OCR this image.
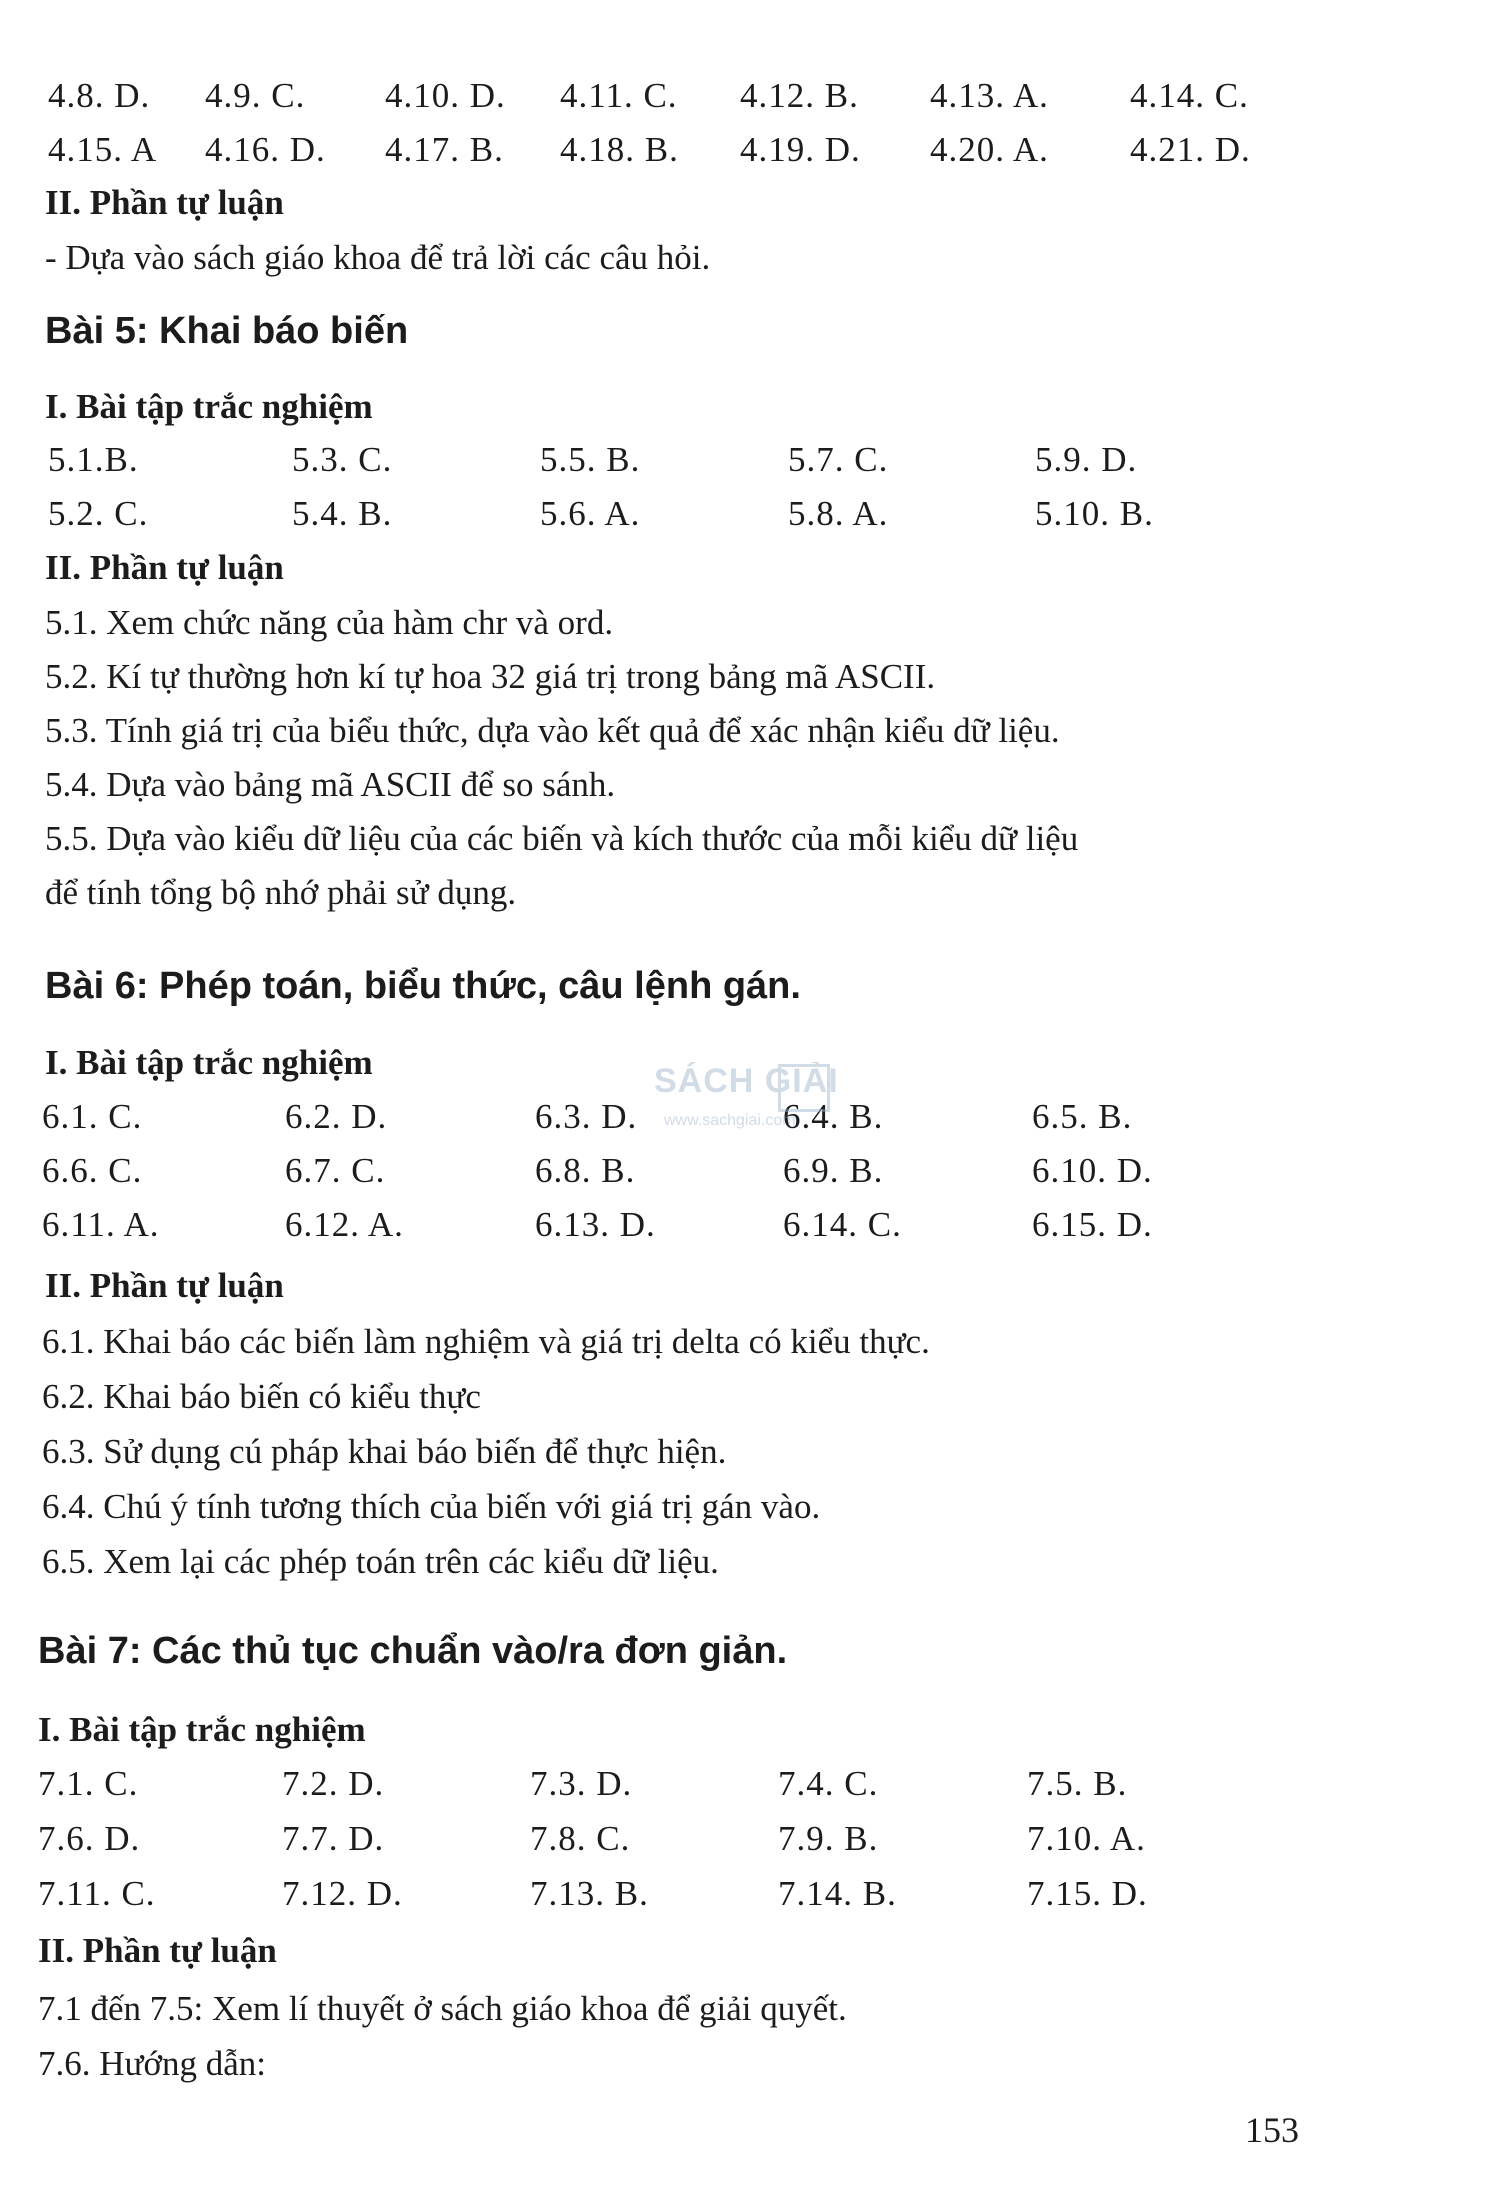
4.8. D. 4.9. C. 4.10. D. 4.11. C. 4.12. B. 4.13. A. 4.14. C.
4.15. A 4.16. D. 4.17. B. 4.18. B. 4.19. D. 4.20. A. 4.21. D.
II. Phần tự luận
- Dựa vào sách giáo khoa để trả lời các câu hỏi.
Bài 5: Khai báo biến
I. Bài tập trắc nghiệm
5.1.B.	5.3. C.	5.5. B.	5.7. C.	5.9. D.
5.2. C.	5.4. B.	5.6. A.	5.8. A.	5.10. B.
II. Phần tự luận
5.1. Xem chức năng của hàm chr và ord.
5.2. Kí tự thường hơn kí tự hoa 32 giá trị trong bảng mã ASCII.
5.3. Tính giá trị của biểu thức, dựa vào kết quả để xác nhận kiểu dữ liệu.
5.4. Dựa vào bảng mã ASCII để so sánh.
5.5. Dựa vào kiểu dữ liệu của các biến và kích thước của mỗi kiểu dữ liệu
để tính tổng bộ nhớ phải sử dụng.
Bài 6: Phép toán, biểu thức, câu lệnh gán.
I. Bài tập trắc nghiệm
6.1. C.	6.2. D.	6.3. D.	6.4. B.	6.5. B.
6.6. C.	6.7. C.	6.8. B.	6.9. B.	6.10. D.
6.11. A.	6.12. A.	6.13. D.	6.14. C.	6.15. D.
II. Phần tự luận
6.1. Khai báo các biến làm nghiệm và giá trị delta có kiểu thực.
6.2. Khai báo biến có kiểu thực
6.3. Sử dụng cú pháp khai báo biến để thực hiện.
6.4. Chú ý tính tương thích của biến với giá trị gán vào.
6.5. Xem lại các phép toán trên các kiểu dữ liệu.
Bài 7: Các thủ tục chuẩn vào/ra đơn giản.
I. Bài tập trắc nghiệm
7.1. C.	7.2. D.	7.3. D.	7.4. C.	7.5. B.
7.6. D.	7.7. D.	7.8. C.	7.9. B.	7.10. A.
7.11. C.	7.12. D.	7.13. B.	7.14. B.	7.15. D.
II. Phần tự luận
7.1 đến 7.5: Xem lí thuyết ở sách giáo khoa để giải quyết.
7.6. Hướng dẫn:
SÁCH GIẢI
www.sachgiai.com
153
